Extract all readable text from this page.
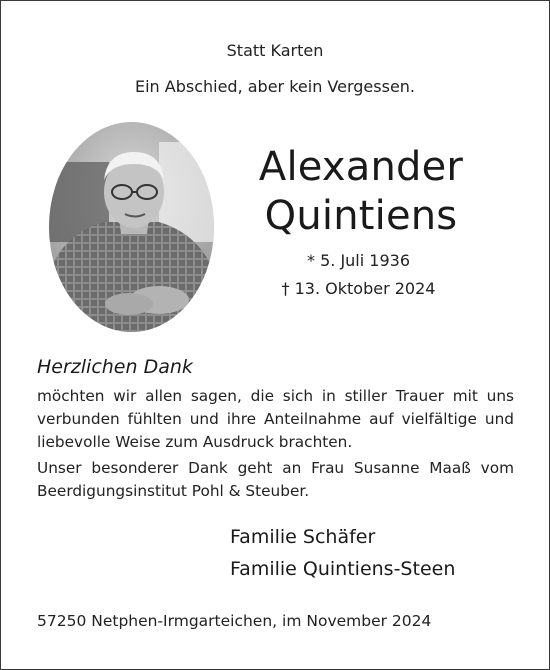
Statt Karten
Ein Abschied, aber kein Vergessen.
Alexander
Quintiens
* 5. Juli 1936
† 13. Oktober 2024
Herzlichen Dank

möchten wir allen sagen, die sich in stiller Trauer mit uns verbunden fühlten und ihre Anteilnahme auf vielfältige und liebevolle Weise zum Ausdruck brachten.

Unser besonderer Dank geht an Frau Susanne Maaß vom Beerdigungsinstitut Pohl & Steuber.

Familie Schäfer
Familie Quintiens-Steen
57250 Netphen-Irmgarteichen, im November 2024
